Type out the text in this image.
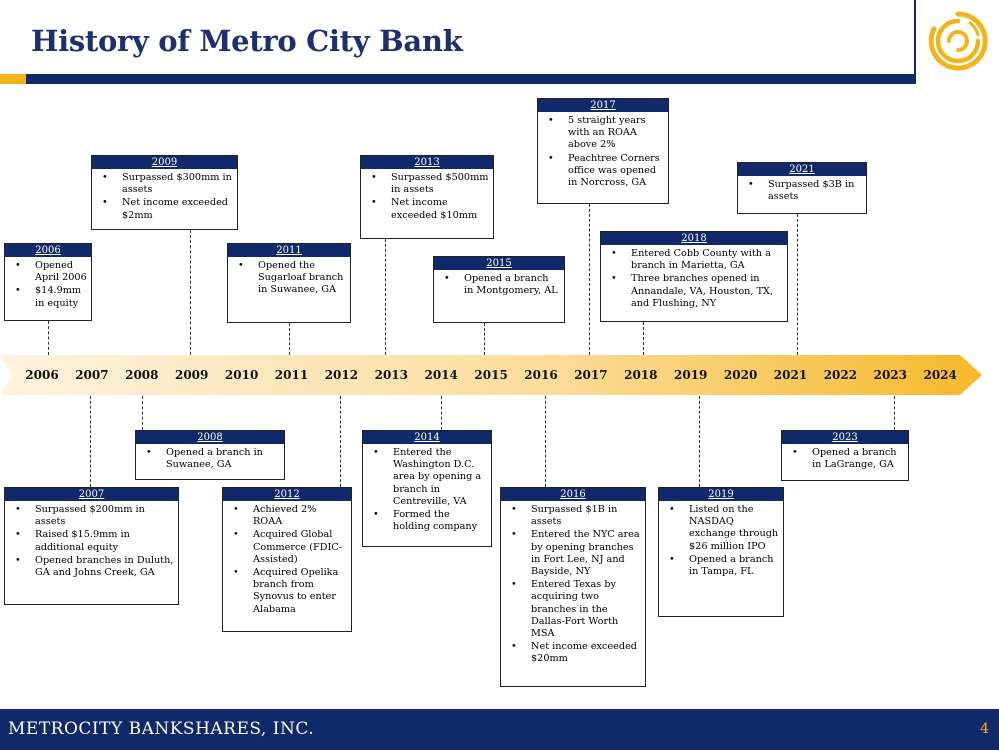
History of Metro City Bank
2006 2007 2008 2009 2010 2011 2012 2013 2014 2015 2016 2017 2018 2019 2020 2021 2022 2023 2024
2006
• Opened April 2006
• $14.9mm in equity
2007
• Surpassed $200mm in assets
• Raised $15.9mm in additional equity
• Opened branches in Duluth, GA and Johns Creek, GA
2008
• Opened a branch in Suwanee, GA
2009
• Surpassed $300mm in assets
• Net income exceeded $2mm
2011
• Opened the Sugarloaf branch in Suwanee, GA
2012
• Achieved 2% ROAA
• Acquired Global Commerce (FDIC-Assisted)
• Acquired Opelika branch from Synovus to enter Alabama
2013
• Surpassed $500mm in assets
• Net income exceeded $10mm
2014
• Entered the Washington D.C. area by opening a branch in Centreville, VA
• Formed the holding company
2015
• Opened a branch in Montgomery, AL
2016
• Surpassed $1B in assets
• Entered the NYC area by opening branches in Fort Lee, NJ and Bayside, NY
• Entered Texas by acquiring two branches in the Dallas-Fort Worth MSA
• Net income exceeded $20mm
2017
• 5 straight years with an ROAA above 2%
• Peachtree Corners office was opened in Norcross, GA
2018
• Entered Cobb County with a branch in Marietta, GA
• Three branches opened in Annandale, VA, Houston, TX, and Flushing, NY
2019
• Listed on the NASDAQ exchange through $26 million IPO
• Opened a branch in Tampa, FL
2021
• Surpassed $3B in assets
2023
• Opened a branch in LaGrange, GA
METROCITY BANKSHARES, INC.	4
